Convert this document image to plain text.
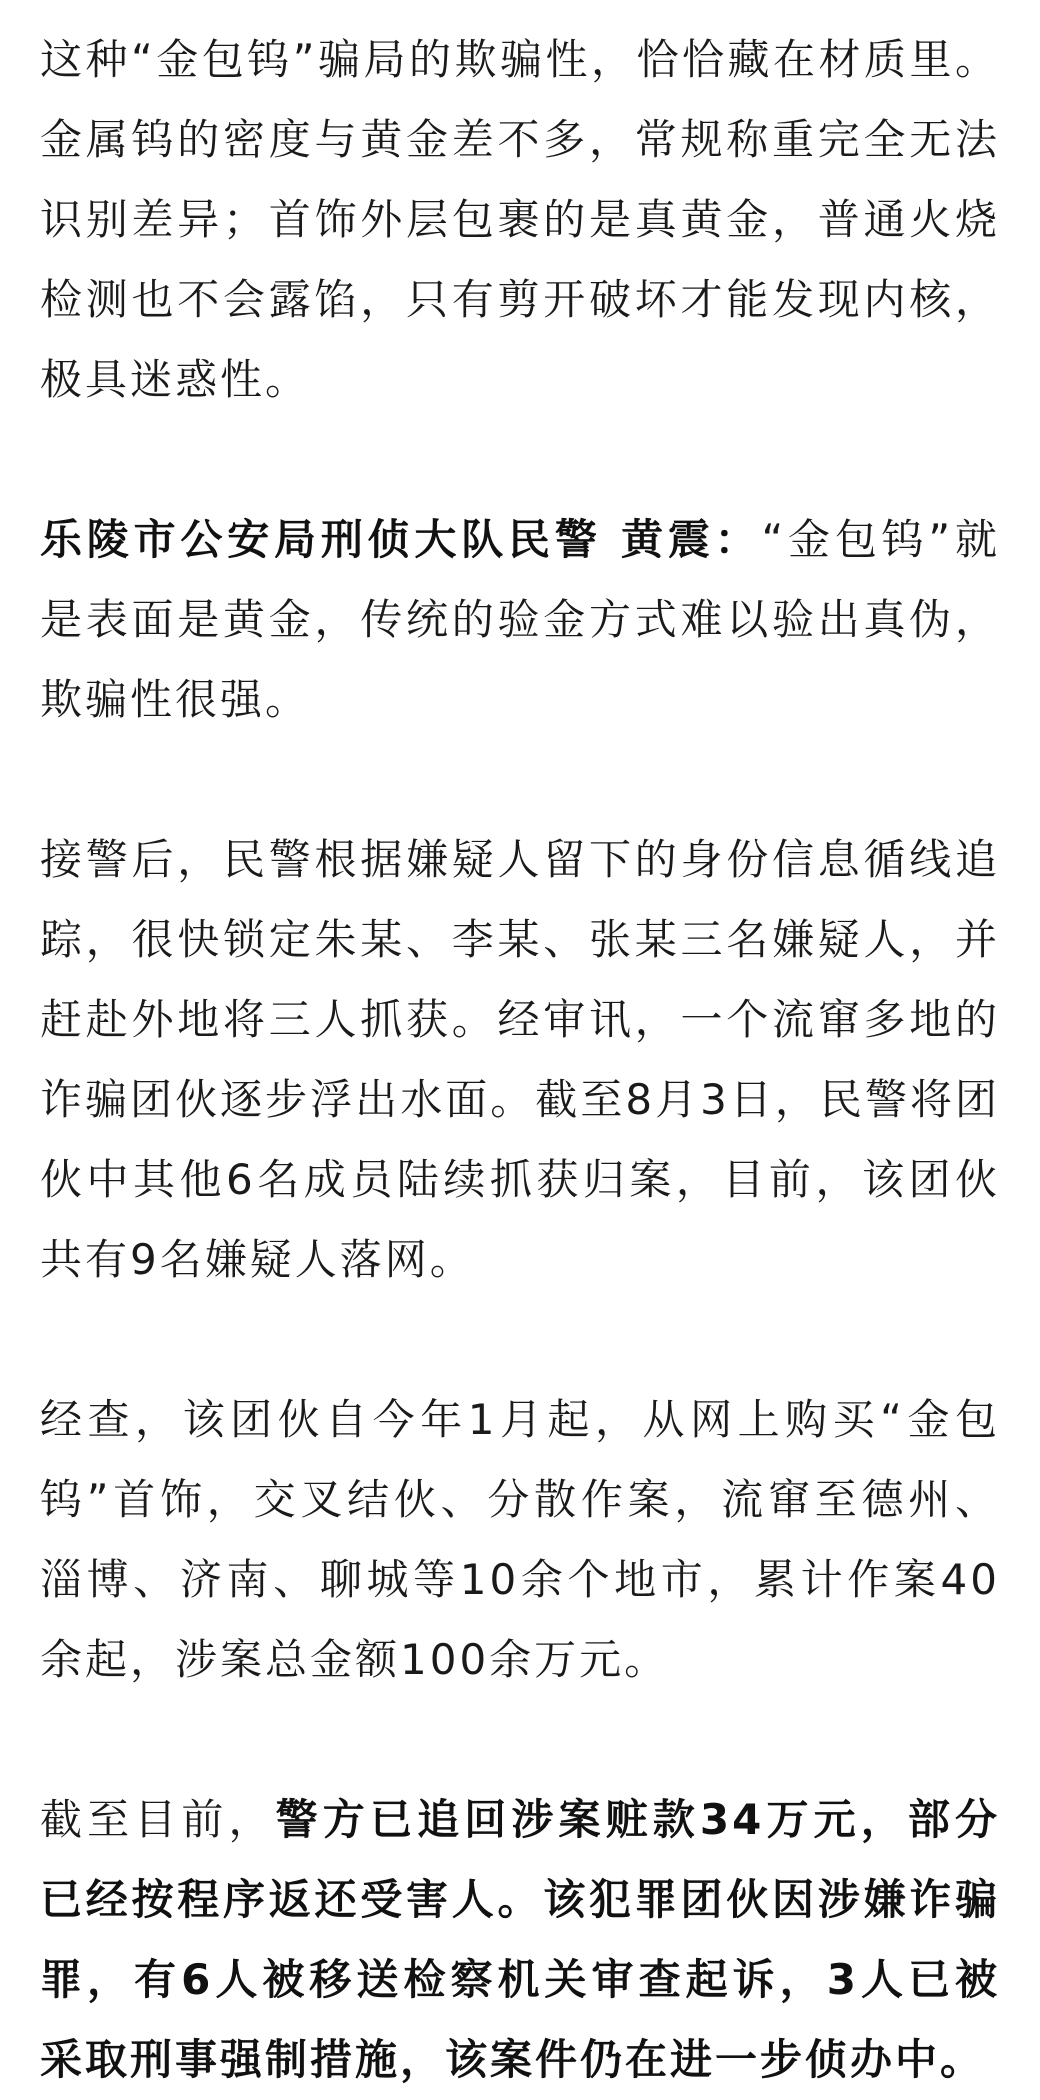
这种“金包钨”骗局的欺骗性，恰恰藏在材质里。金属钨的密度与黄金差不多，常规称重完全无法识别差异；首饰外层包裹的是真黄金，普通火烧检测也不会露馅，只有剪开破坏才能发现内核，极具迷惑性。

乐陵市公安局刑侦大队民警 黄震：“金包钨”就是表面是黄金，传统的验金方式难以验出真伪，欺骗性很强。

接警后，民警根据嫌疑人留下的身份信息循线追踪，很快锁定朱某、李某、张某三名嫌疑人，并赶赴外地将三人抓获。经审讯，一个流窜多地的诈骗团伙逐步浮出水面。截至8月3日，民警将团伙中其他6名成员陆续抓获归案，目前，该团伙共有9名嫌疑人落网。

经查，该团伙自今年1月起，从网上购买“金包钨”首饰，交叉结伙、分散作案，流窜至德州、淄博、济南、聊城等10余个地市，累计作案40余起，涉案总金额100余万元。

截至目前，警方已追回涉案赃款34万元，部分已经按程序返还受害人。该犯罪团伙因涉嫌诈骗罪，有6人被移送检察机关审查起诉，3人已被采取刑事强制措施，该案件仍在进一步侦办中。
